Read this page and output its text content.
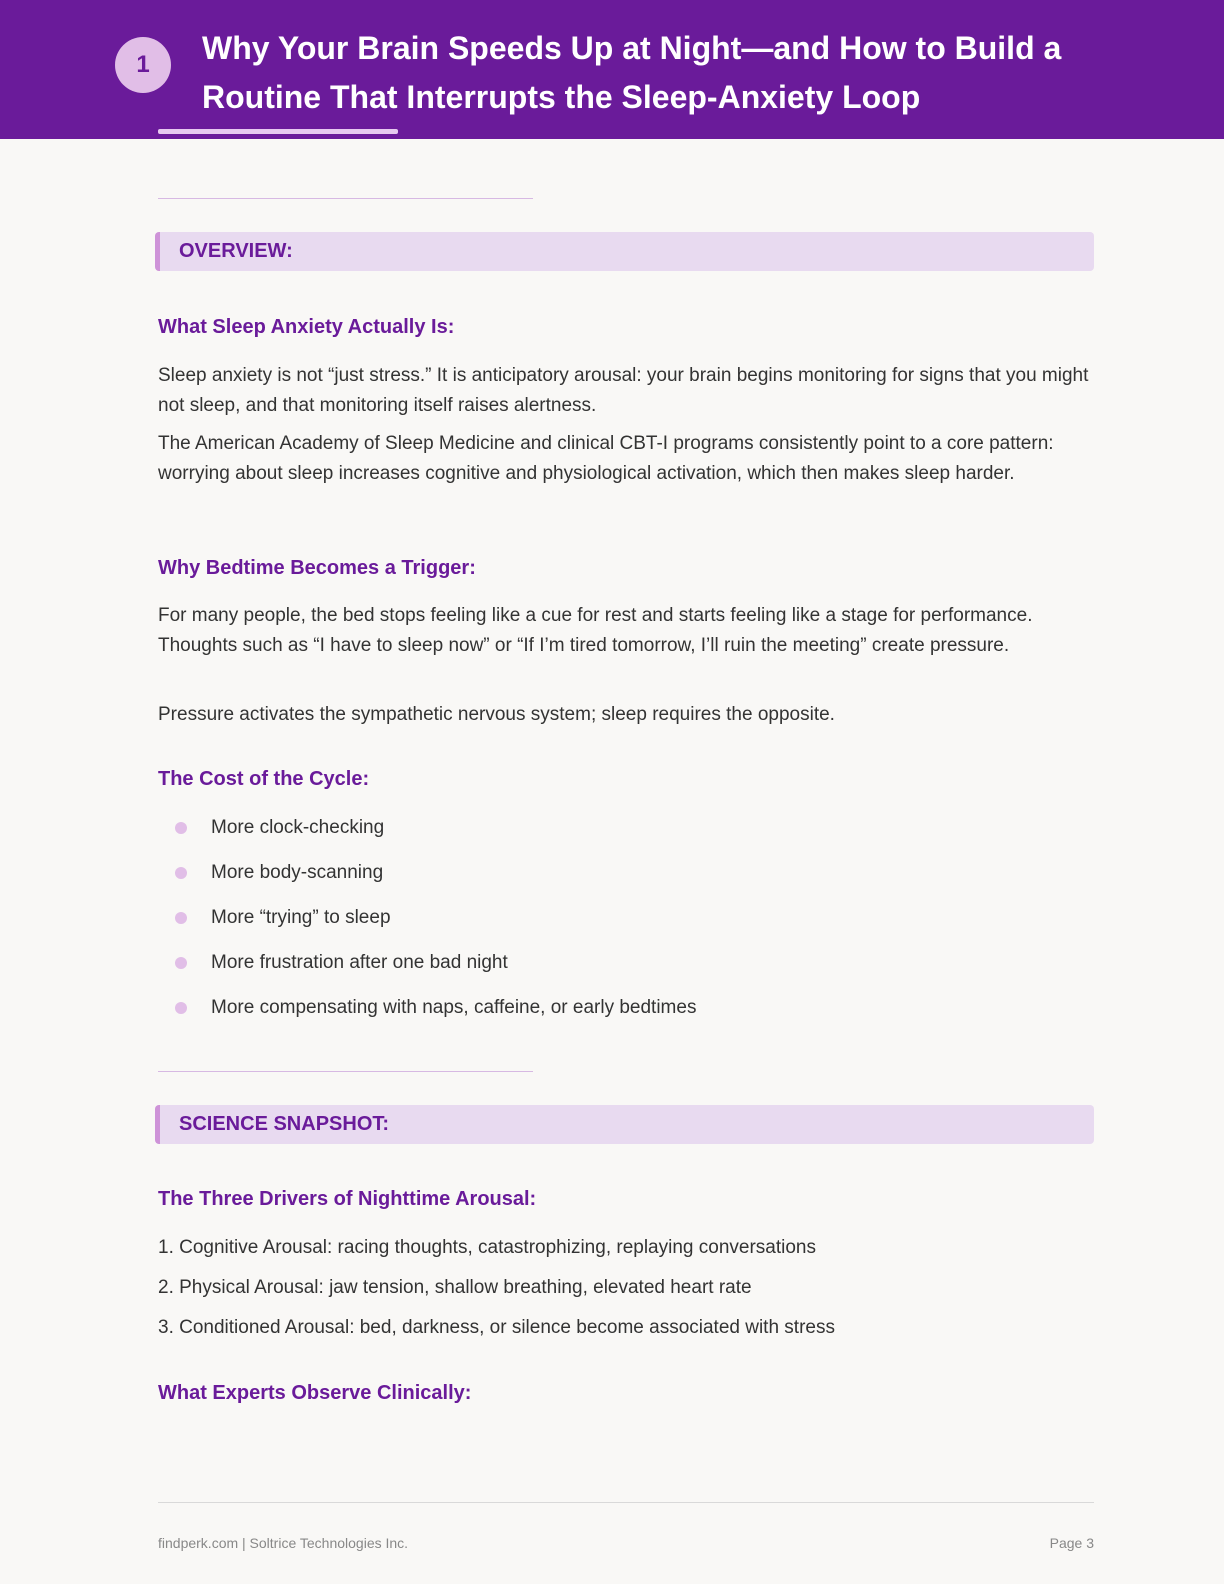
1	Why Your Brain Speeds Up at Night—and How to Build a Routine That Interrupts the Sleep-Anxiety Loop
OVERVIEW:
What Sleep Anxiety Actually Is:

Sleep anxiety is not “just stress.” It is anticipatory arousal: your brain begins monitoring for signs that you might not sleep, and that monitoring itself raises alertness.

The American Academy of Sleep Medicine and clinical CBT-I programs consistently point to a core pattern: worrying about sleep increases cognitive and physiological activation, which then makes sleep harder.

Why Bedtime Becomes a Trigger:

For many people, the bed stops feeling like a cue for rest and starts feeling like a stage for performance. Thoughts such as “I have to sleep now” or “If I’m tired tomorrow, I’ll ruin the meeting” create pressure.

Pressure activates the sympathetic nervous system; sleep requires the opposite.

The Cost of the Cycle:
More clock-checking
More body-scanning
More “trying” to sleep
More frustration after one bad night
More compensating with naps, caffeine, or early bedtimes
SCIENCE SNAPSHOT:
The Three Drivers of Nighttime Arousal:

1. Cognitive Arousal: racing thoughts, catastrophizing, replaying conversations

2. Physical Arousal: jaw tension, shallow breathing, elevated heart rate

3. Conditioned Arousal: bed, darkness, or silence become associated with stress

What Experts Observe Clinically:
findperk.com | Soltrice Technologies Inc.	Page 3
